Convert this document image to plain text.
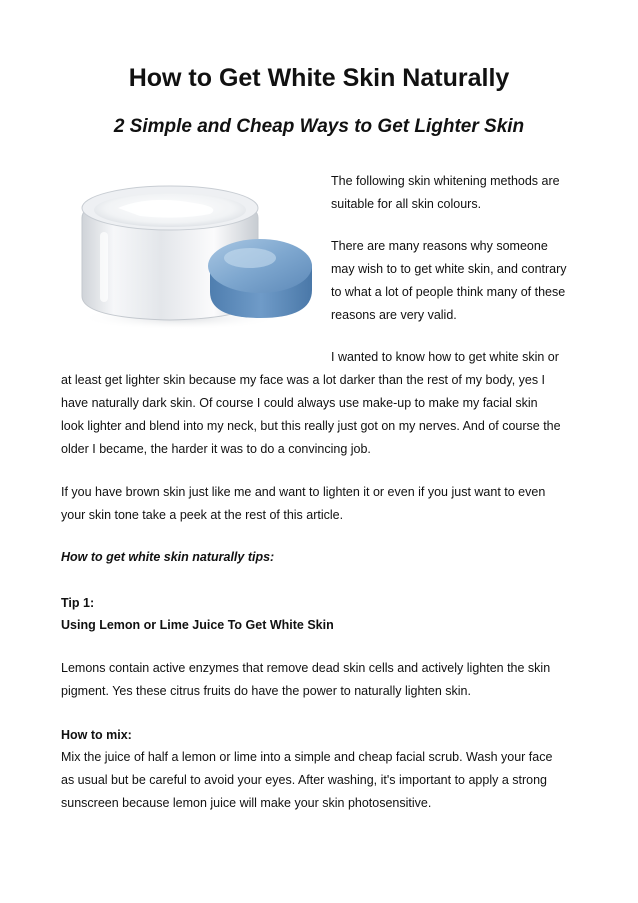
How to Get White Skin Naturally
2 Simple and Cheap Ways to Get Lighter Skin

The following skin whitening methods are

suitable for all skin colours.

There are many reasons why someone

may wish to to get white skin, and contrary

to what a lot of people think many of these

reasons are very valid.

I wanted to know how to get white skin or

at least get lighter skin because my face was a lot darker than the rest of my body, yes I

have naturally dark skin. Of course I could always use make-up to make my facial skin

look lighter and blend into my neck, but this really just got on my nerves. And of course the

older I became, the harder it was to do a convincing job.

If you have brown skin just like me and want to lighten it or even if you just want to even

your skin tone take a peek at the rest of this article.

How to get white skin naturally tips:

Tip 1:

Using Lemon or Lime Juice To Get White Skin

Lemons contain active enzymes that remove dead skin cells and actively lighten the skin

pigment. Yes these citrus fruits do have the power to naturally lighten skin.

How to mix:

Mix the juice of half a lemon or lime into a simple and cheap facial scrub. Wash your face

as usual but be careful to avoid your eyes. After washing, it's important to apply a strong

sunscreen because lemon juice will make your skin photosensitive.
